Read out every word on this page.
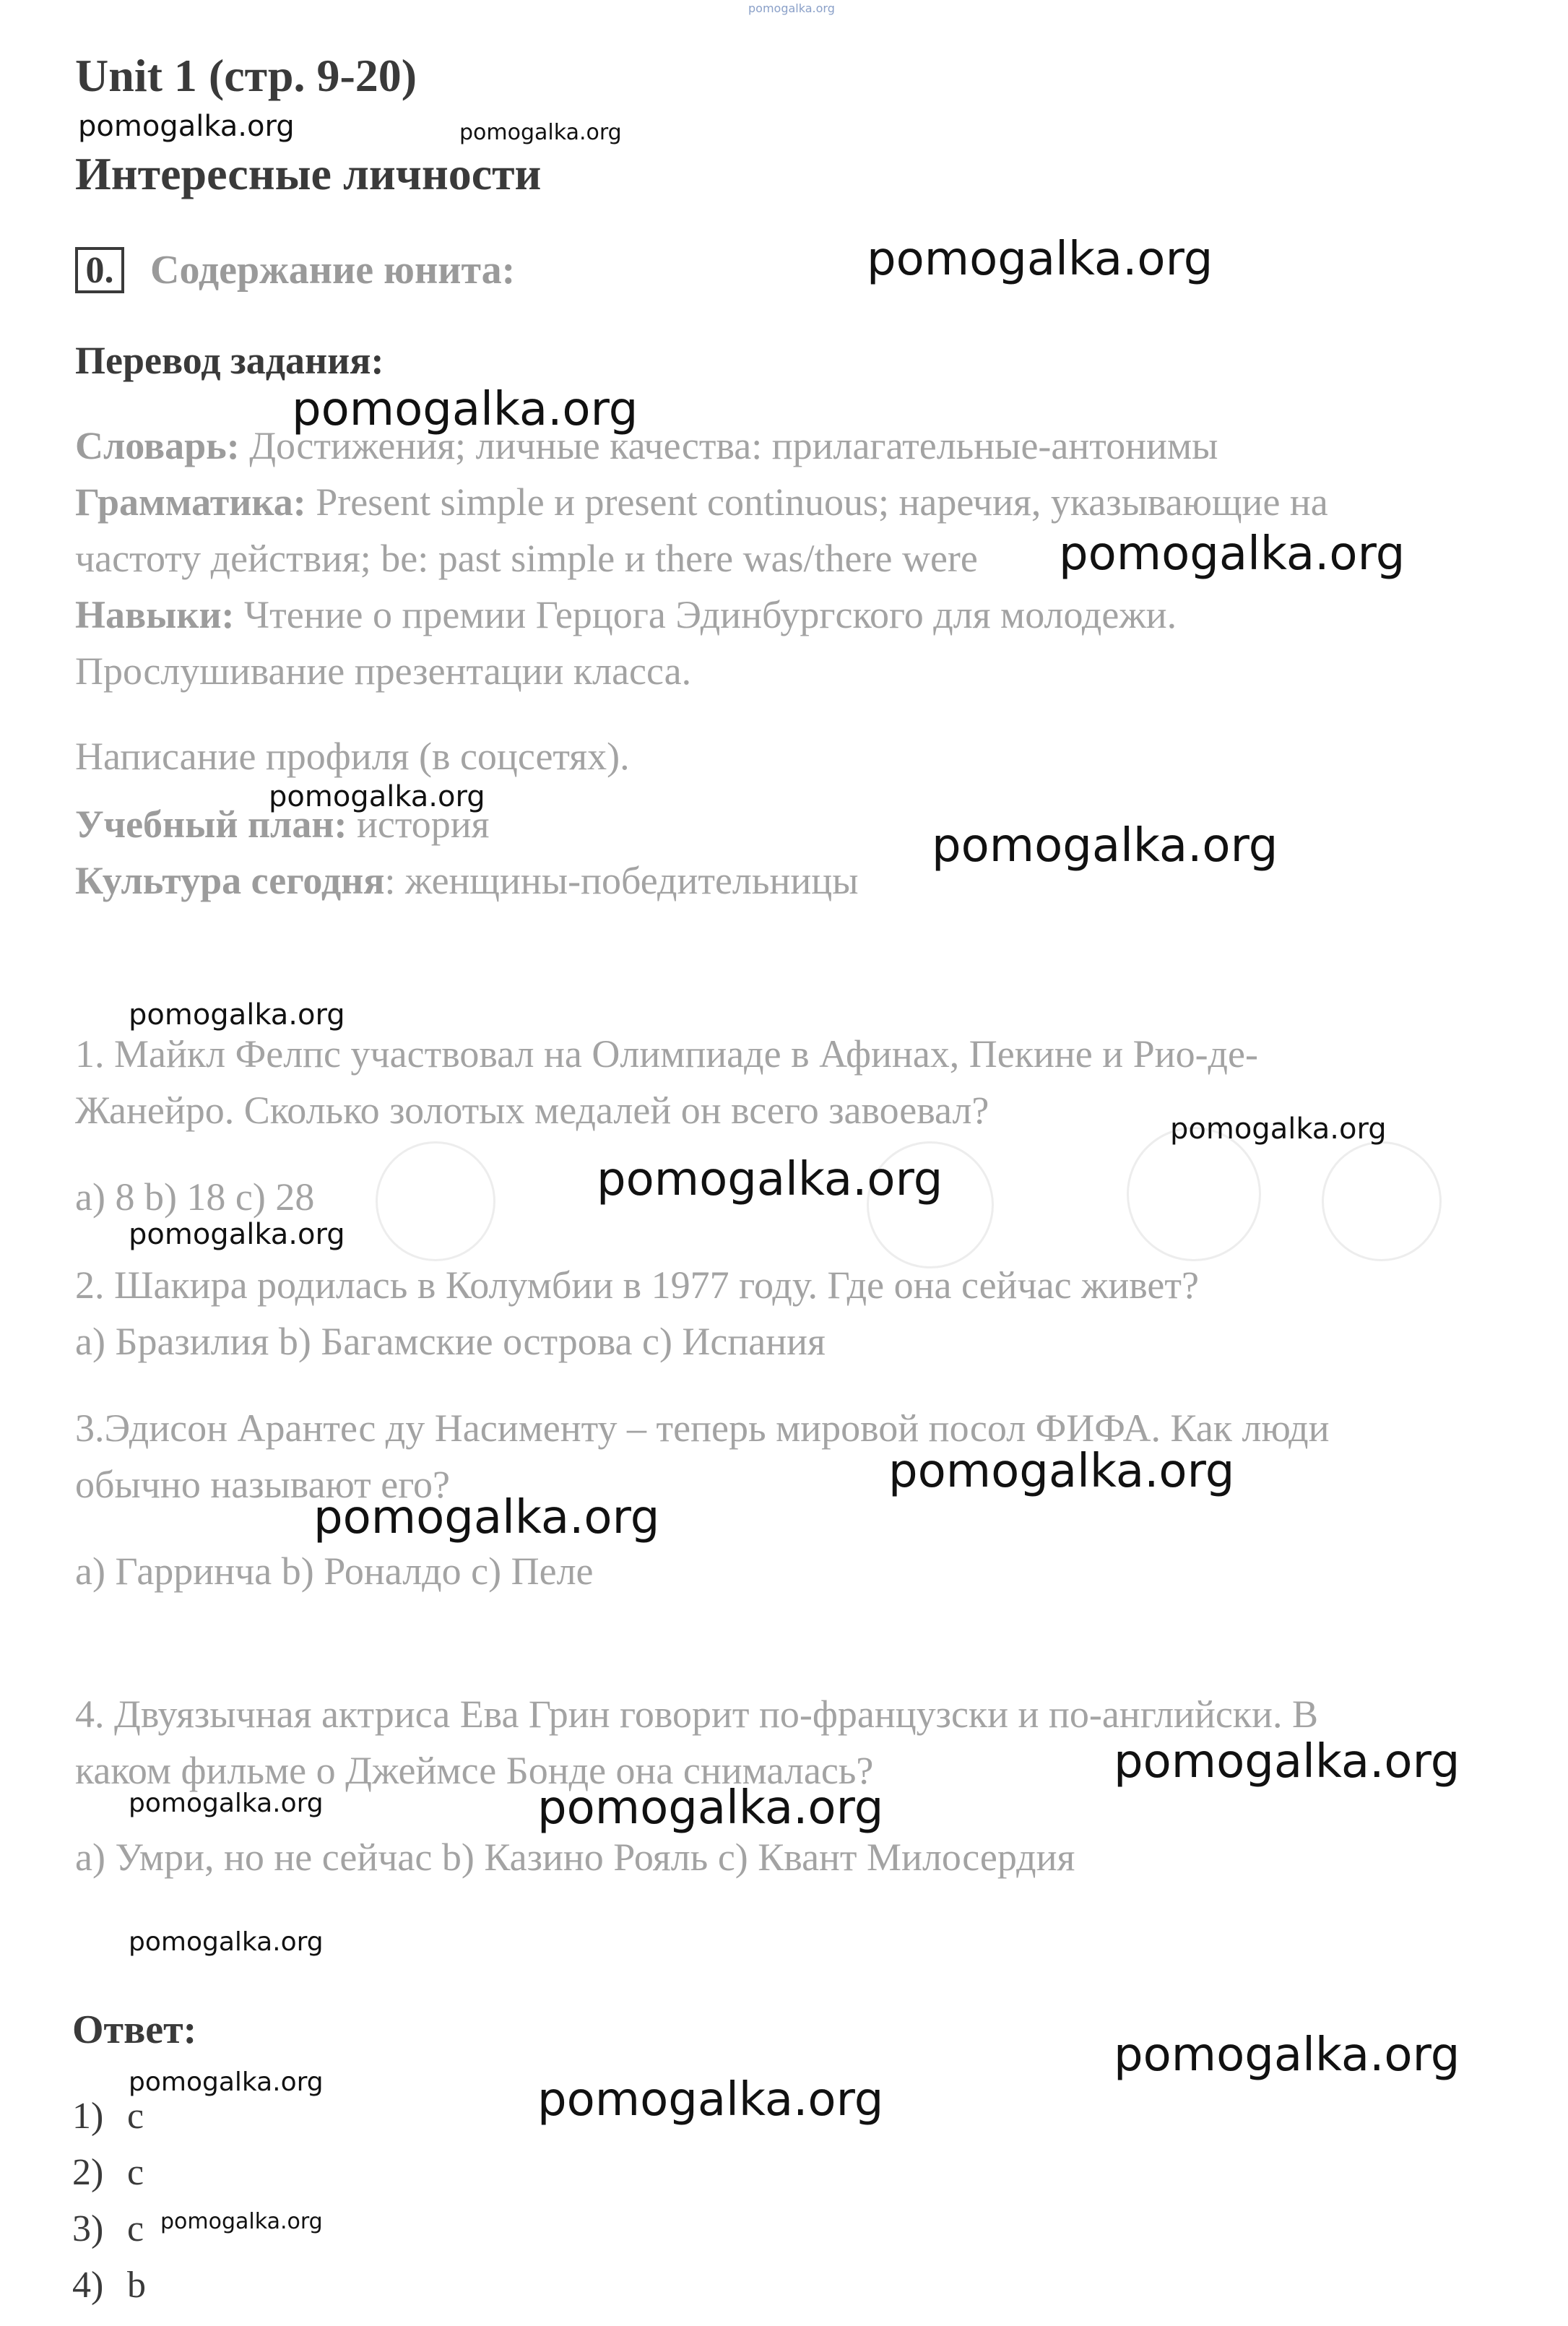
Unit 1 (стр. 9-20)
Интересные личности
0. Содержание юнита:
Перевод задания:
Словарь: Достижения; личные качества: прилагательные-антонимы
Грамматика: Present simple и present continuous; наречия, указывающие на
частоту действия; be: past simple и there was/there were
Навыки: Чтение о премии Герцога Эдинбургского для молодежи.
Прослушивание презентации класса.
Написание профиля (в соцсетях).
Учебный план: история
Культура сегодня: женщины-победительницы
1. Майкл Фелпс участвовал на Олимпиаде в Афинах, Пекине и Рио-де-
Жанейро. Сколько золотых медалей он всего завоевал?
a) 8 b) 18 c) 28
2. Шакира родилась в Колумбии в 1977 году. Где она сейчас живет?
a) Бразилия b) Багамские острова c) Испания
3.Эдисон Арантес ду Насименту – теперь мировой посол ФИФА. Как люди
обычно называют его?
a) Гарринча b) Роналдо c) Пеле
4. Двуязычная актриса Ева Грин говорит по-французски и по-английски. В
каком фильме о Джеймсе Бонде она снималась?
a) Умри, но не сейчас b) Казино Рояль c) Квант Милосердия
Ответ:
1) c
2) c
3) c
4) b
pomogalka.org
pomogalka.org	pomogalka.org
pomogalka.org
pomogalka.org
pomogalka.org
pomogalka.org
pomogalka.org
pomogalka.org
pomogalka.org
pomogalka.org
pomogalka.org
pomogalka.org
pomogalka.org
pomogalka.org
pomogalka.org	pomogalka.org
pomogalka.org
pomogalka.org
pomogalka.org	pomogalka.org
pomogalka.org
